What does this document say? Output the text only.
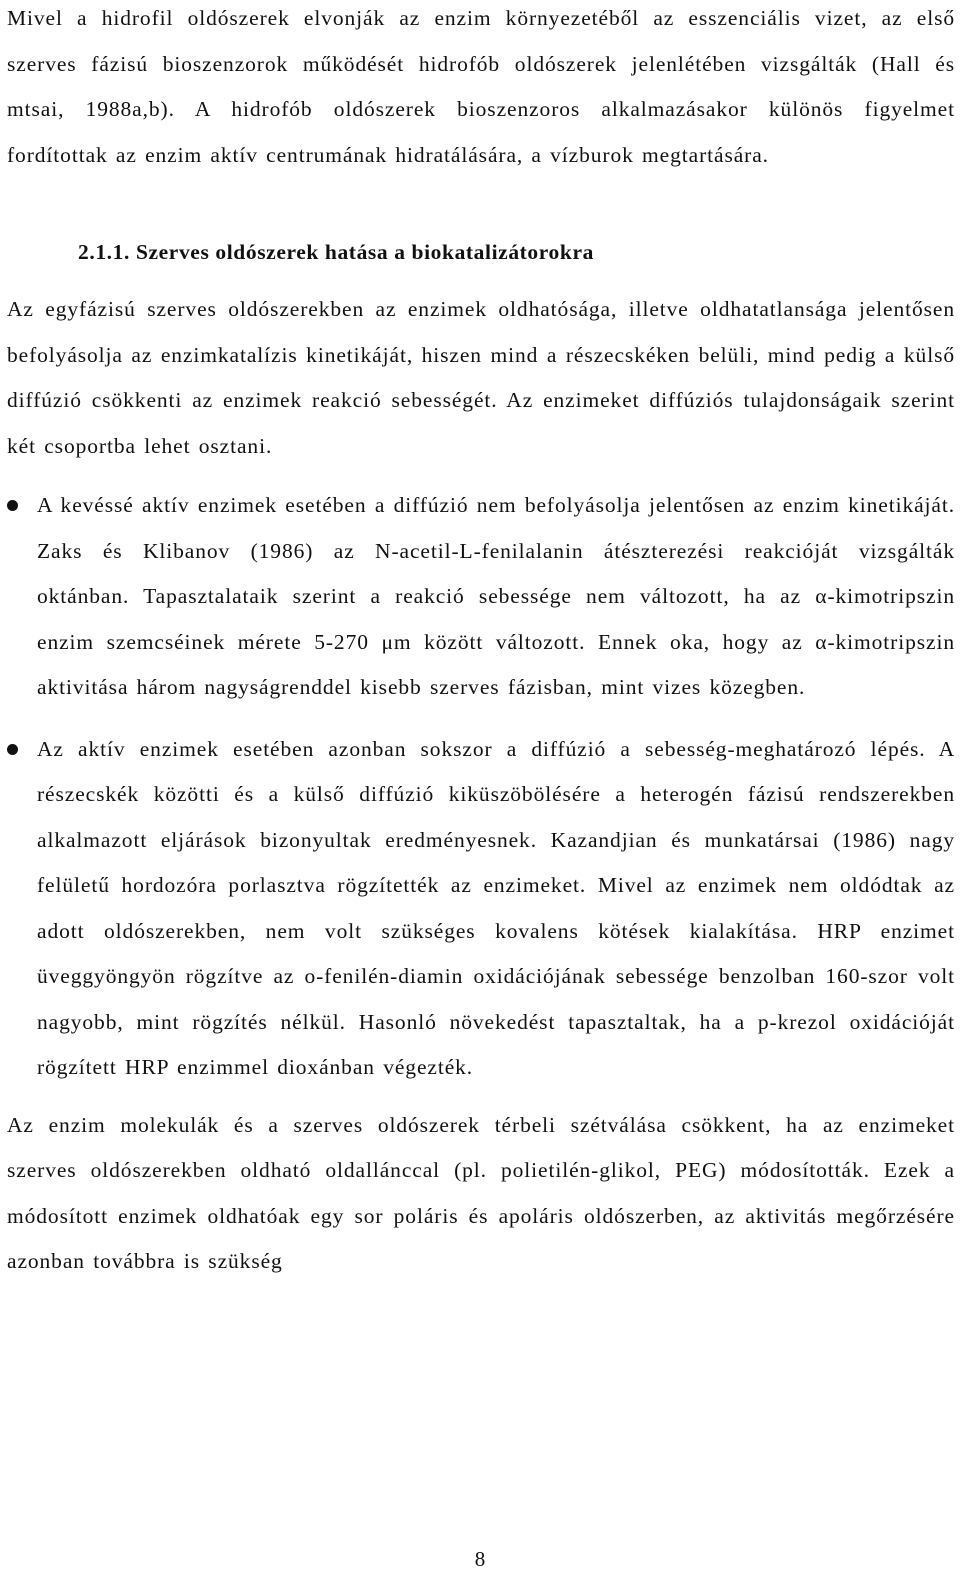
Mivel a hidrofil oldószerek elvonják az enzim környezetéből az esszenciális vizet, az első szerves fázisú bioszenzorok működését hidrofób oldószerek jelenlétében vizsgálták (Hall és mtsai, 1988a,b). A hidrofób oldószerek bioszenzoros alkalmazásakor különös figyelmet fordítottak az enzim aktív centrumának hidratálására, a vízburok megtartására.

2.1.1. Szerves oldószerek hatása a biokatalizátorokra

Az egyfázisú szerves oldószerekben az enzimek oldhatósága, illetve oldhatatlansága jelentősen befolyásolja az enzimkatalízis kinetikáját, hiszen mind a részecskéken belüli, mind pedig a külső diffúzió csökkenti az enzimek reakció sebességét. Az enzimeket diffúziós tulajdonságaik szerint két csoportba lehet osztani.

A kevéssé aktív enzimek esetében a diffúzió nem befolyásolja jelentősen az enzim kinetikáját. Zaks és Klibanov (1986) az N-acetil-L-fenilalanin átészterezési reakcióját vizsgálták oktánban. Tapasztalataik szerint a reakció sebessége nem változott, ha az α-kimotripszin enzim szemcséinek mérete 5-270 μm között változott. Ennek oka, hogy az α-kimotripszin aktivitása három nagyságrenddel kisebb szerves fázisban, mint vizes közegben.

Az aktív enzimek esetében azonban sokszor a diffúzió a sebesség-meghatározó lépés. A részecskék közötti és a külső diffúzió kiküszöbölésére a heterogén fázisú rendszerekben alkalmazott eljárások bizonyultak eredményesnek. Kazandjian és munkatársai (1986) nagy felületű hordozóra porlasztva rögzítették az enzimeket. Mivel az enzimek nem oldódtak az adott oldószerekben, nem volt szükséges kovalens kötések kialakítása. HRP enzimet üveggyöngyön rögzítve az o-fenilén-diamin oxidációjának sebessége benzolban 160-szor volt nagyobb, mint rögzítés nélkül. Hasonló növekedést tapasztaltak, ha a p-krezol oxidációját rögzített HRP enzimmel dioxánban végezték.

Az enzim molekulák és a szerves oldószerek térbeli szétválása csökkent, ha az enzimeket szerves oldószerekben oldható oldallánccal (pl. polietilén-glikol, PEG) módosították. Ezek a módosított enzimek oldhatóak egy sor poláris és apoláris oldószerben, az aktivitás megőrzésére azonban továbbra is szükség

8
